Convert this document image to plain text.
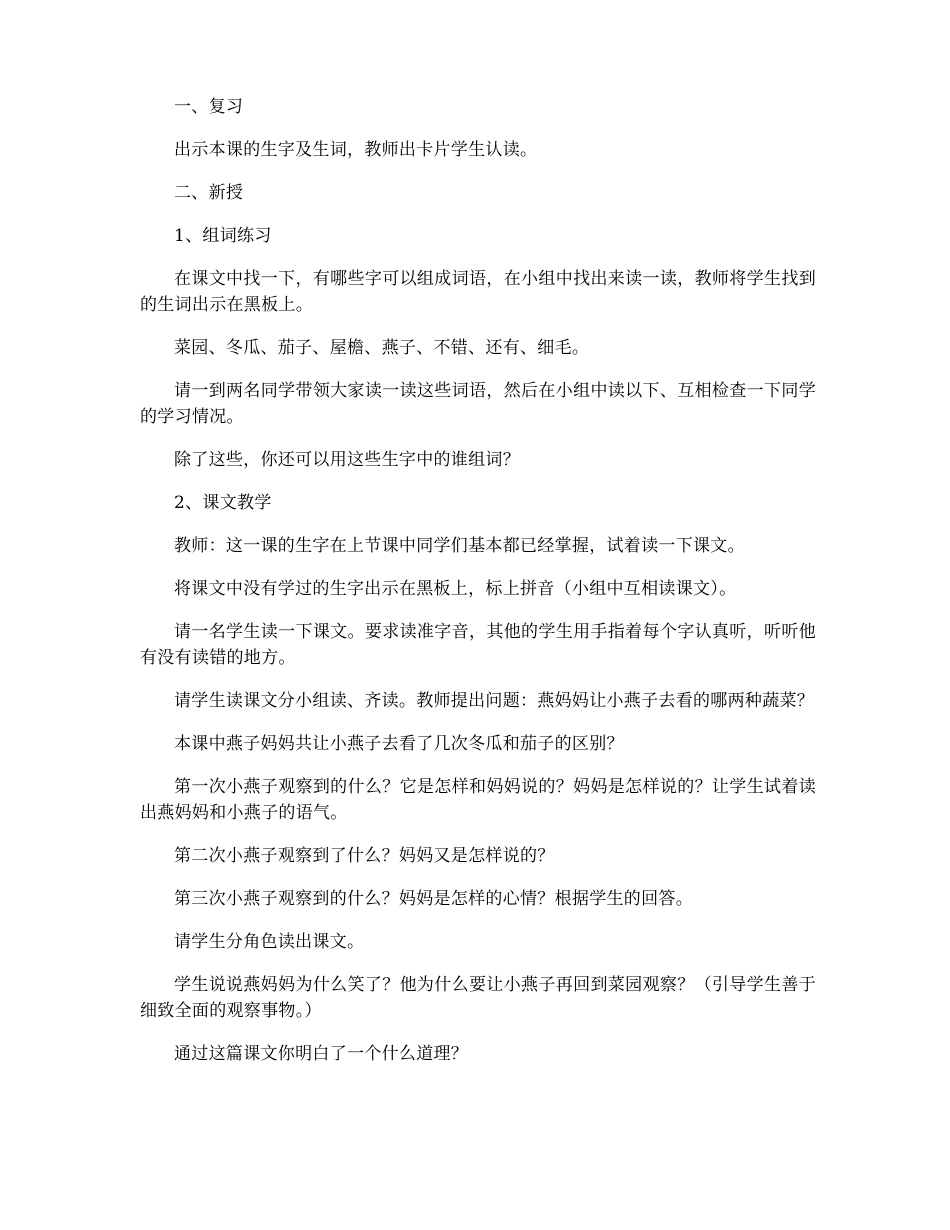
一、复习

出示本课的生字及生词，教师出卡片学生认读。

二、新授

1、组词练习

在课文中找一下，有哪些字可以组成词语，在小组中找出来读一读，教师将学生找到的生词出示在黑板上。

菜园、冬瓜、茄子、屋檐、燕子、不错、还有、细毛。

请一到两名同学带领大家读一读这些词语，然后在小组中读以下、互相检查一下同学的学习情况。

除了这些，你还可以用这些生字中的谁组词？

2、课文教学

教师：这一课的生字在上节课中同学们基本都已经掌握，试着读一下课文。

将课文中没有学过的生字出示在黑板上，标上拼音（小组中互相读课文）。

请一名学生读一下课文。要求读准字音，其他的学生用手指着每个字认真听，听听他有没有读错的地方。

请学生读课文分小组读、齐读。教师提出问题：燕妈妈让小燕子去看的哪两种蔬菜？

本课中燕子妈妈共让小燕子去看了几次冬瓜和茄子的区别？

第一次小燕子观察到的什么？它是怎样和妈妈说的？妈妈是怎样说的？让学生试着读出燕妈妈和小燕子的语气。

第二次小燕子观察到了什么？妈妈又是怎样说的？

第三次小燕子观察到的什么？妈妈是怎样的心情？根据学生的回答。

请学生分角色读出课文。

学生说说燕妈妈为什么笑了？他为什么要让小燕子再回到菜园观察？（引导学生善于细致全面的观察事物。）

通过这篇课文你明白了一个什么道理？
